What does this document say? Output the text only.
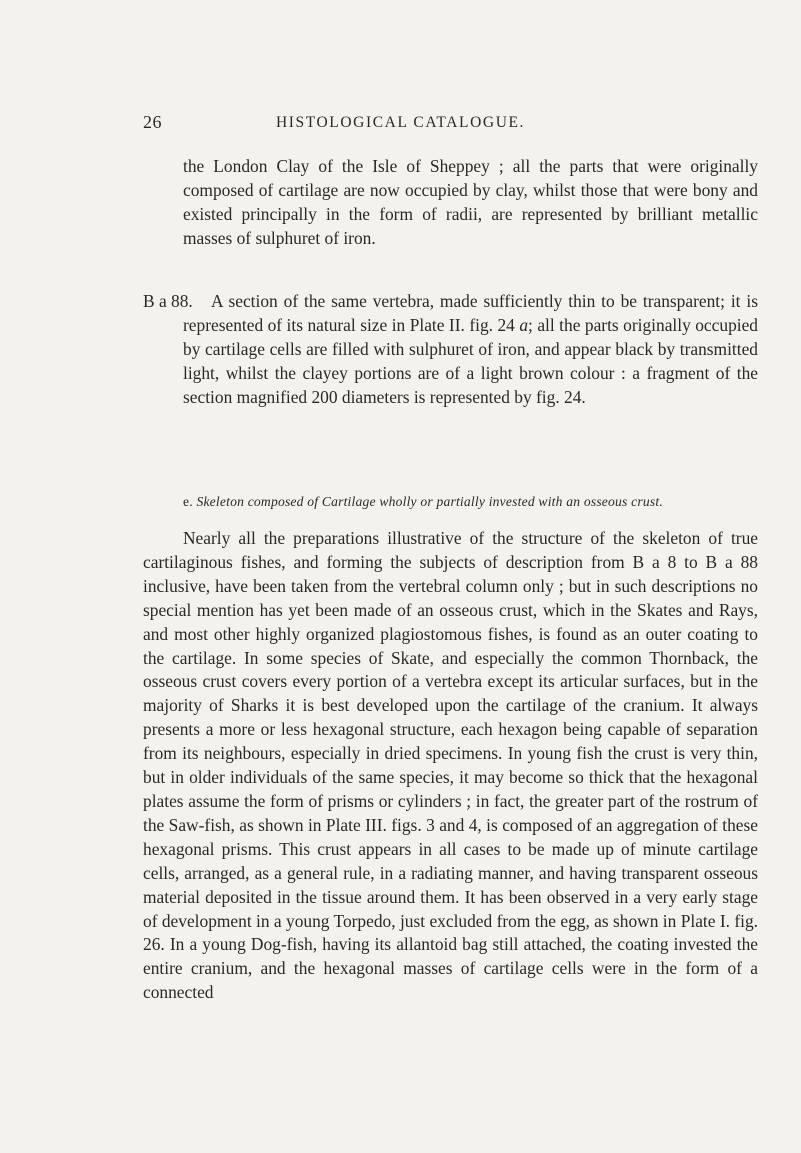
26	HISTOLOGICAL CATALOGUE.

the London Clay of the Isle of Sheppey ; all the parts that were originally composed of cartilage are now occupied by clay, whilst those that were bony and existed principally in the form of radii, are represented by brilliant metallic masses of sulphuret of iron.

B a 88.	A section of the same vertebra, made sufficiently thin to be transparent; it is represented of its natural size in Plate II. fig. 24 a; all the parts originally occupied by cartilage cells are filled with sulphuret of iron, and appear black by transmitted light, whilst the clayey portions are of a light brown colour : a fragment of the section magnified 200 diameters is represented by fig. 24.
e. Skeleton composed of Cartilage wholly or partially invested with an osseous crust.

Nearly all the preparations illustrative of the structure of the skeleton of true cartilaginous fishes, and forming the subjects of description from B a 8 to B a 88 inclusive, have been taken from the vertebral column only ; but in such descriptions no special mention has yet been made of an osseous crust, which in the Skates and Rays, and most other highly organized plagiostomous fishes, is found as an outer coating to the cartilage. In some species of Skate, and especially the common Thornback, the osseous crust covers every portion of a vertebra except its articular surfaces, but in the majority of Sharks it is best developed upon the cartilage of the cranium. It always presents a more or less hexagonal structure, each hexagon being capable of separation from its neighbours, especially in dried specimens. In young fish the crust is very thin, but in older individuals of the same species, it may become so thick that the hexagonal plates assume the form of prisms or cylinders ; in fact, the greater part of the rostrum of the Saw-fish, as shown in Plate III. figs. 3 and 4, is composed of an aggregation of these hexagonal prisms. This crust appears in all cases to be made up of minute cartilage cells, arranged, as a general rule, in a radiating manner, and having transparent osseous material deposited in the tissue around them. It has been observed in a very early stage of development in a young Torpedo, just excluded from the egg, as shown in Plate I. fig. 26. In a young Dog-fish, having its allantoid bag still attached, the coating invested the entire cranium, and the hexagonal masses of cartilage cells were in the form of a connected
